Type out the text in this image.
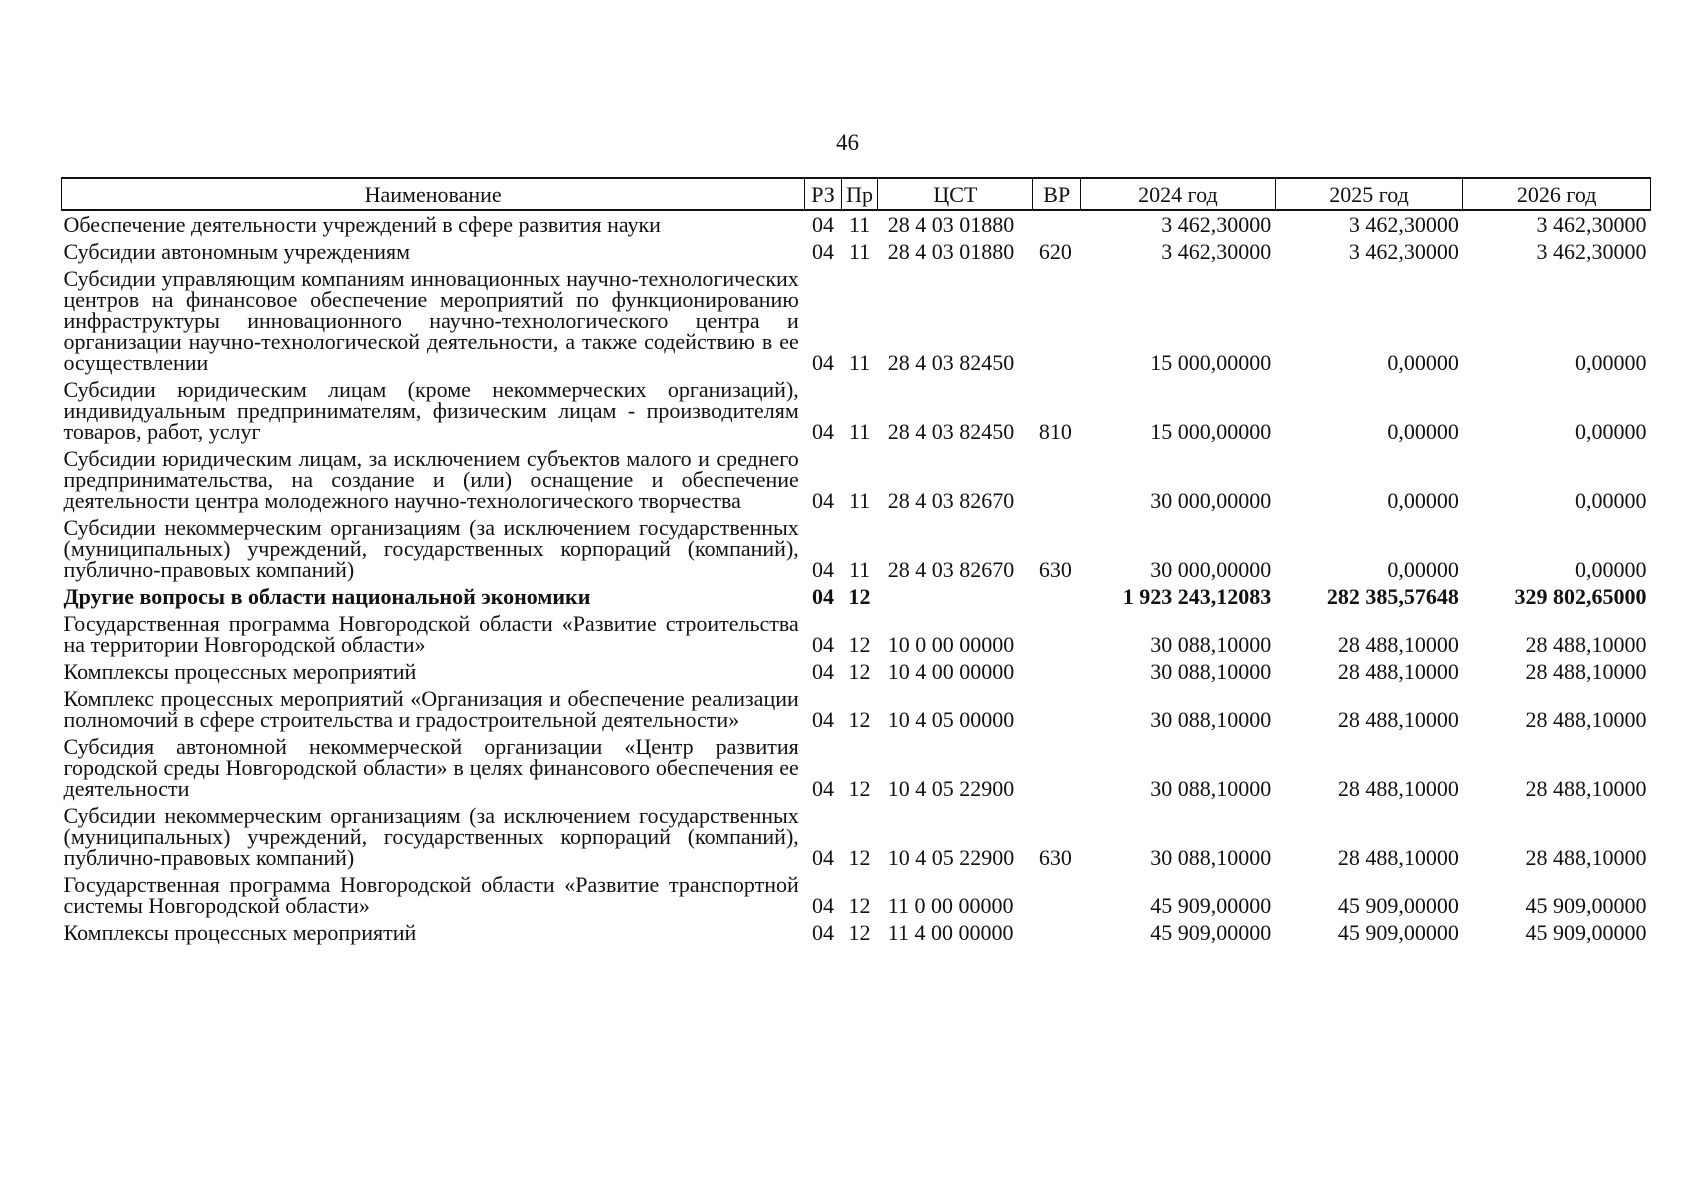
46
Наименование	РЗ	Пр	ЦСТ	ВР	2024 год	2025 год	2026 год
Обеспечение деятельности учреждений в сфере развития науки	04	11	28 4 03 01880		3 462,30000	3 462,30000	3 462,30000
Субсидии автономным учреждениям	04	11	28 4 03 01880	620	3 462,30000	3 462,30000	3 462,30000
Субсидии управляющим компаниям инновационных научно-технологических центров на финансовое обеспечение мероприятий по функционированию инфраструктуры инновационного научно-технологического центра и организации научно-технологической деятельности, а также содействию в ее осуществлении	04	11	28 4 03 82450		15 000,00000	0,00000	0,00000
Субсидии юридическим лицам (кроме некоммерческих организаций), индивидуальным предпринимателям, физическим лицам - производителям товаров, работ, услуг	04	11	28 4 03 82450	810	15 000,00000	0,00000	0,00000
Субсидии юридическим лицам, за исключением субъектов малого и среднего предпринимательства, на создание и (или) оснащение и обеспечение деятельности центра молодежного научно-технологического творчества	04	11	28 4 03 82670		30 000,00000	0,00000	0,00000
Субсидии некоммерческим организациям (за исключением государственных (муниципальных) учреждений, государственных корпораций (компаний), публично-правовых компаний)	04	11	28 4 03 82670	630	30 000,00000	0,00000	0,00000
Другие вопросы в области национальной экономики	04	12			1 923 243,12083	282 385,57648	329 802,65000
Государственная программа Новгородской области «Развитие строительства на территории Новгородской области»	04	12	10 0 00 00000		30 088,10000	28 488,10000	28 488,10000
Комплексы процессных мероприятий	04	12	10 4 00 00000		30 088,10000	28 488,10000	28 488,10000
Комплекс процессных мероприятий «Организация и обеспечение реализации полномочий в сфере строительства и градостроительной деятельности»	04	12	10 4 05 00000		30 088,10000	28 488,10000	28 488,10000
Субсидия автономной некоммерческой организации «Центр развития городской среды Новгородской области» в целях финансового обеспечения ее деятельности	04	12	10 4 05 22900		30 088,10000	28 488,10000	28 488,10000
Субсидии некоммерческим организациям (за исключением государственных (муниципальных) учреждений, государственных корпораций (компаний), публично-правовых компаний)	04	12	10 4 05 22900	630	30 088,10000	28 488,10000	28 488,10000
Государственная программа Новгородской области «Развитие транспортной системы Новгородской области»	04	12	11 0 00 00000		45 909,00000	45 909,00000	45 909,00000
Комплексы процессных мероприятий	04	12	11 4 00 00000		45 909,00000	45 909,00000	45 909,00000
